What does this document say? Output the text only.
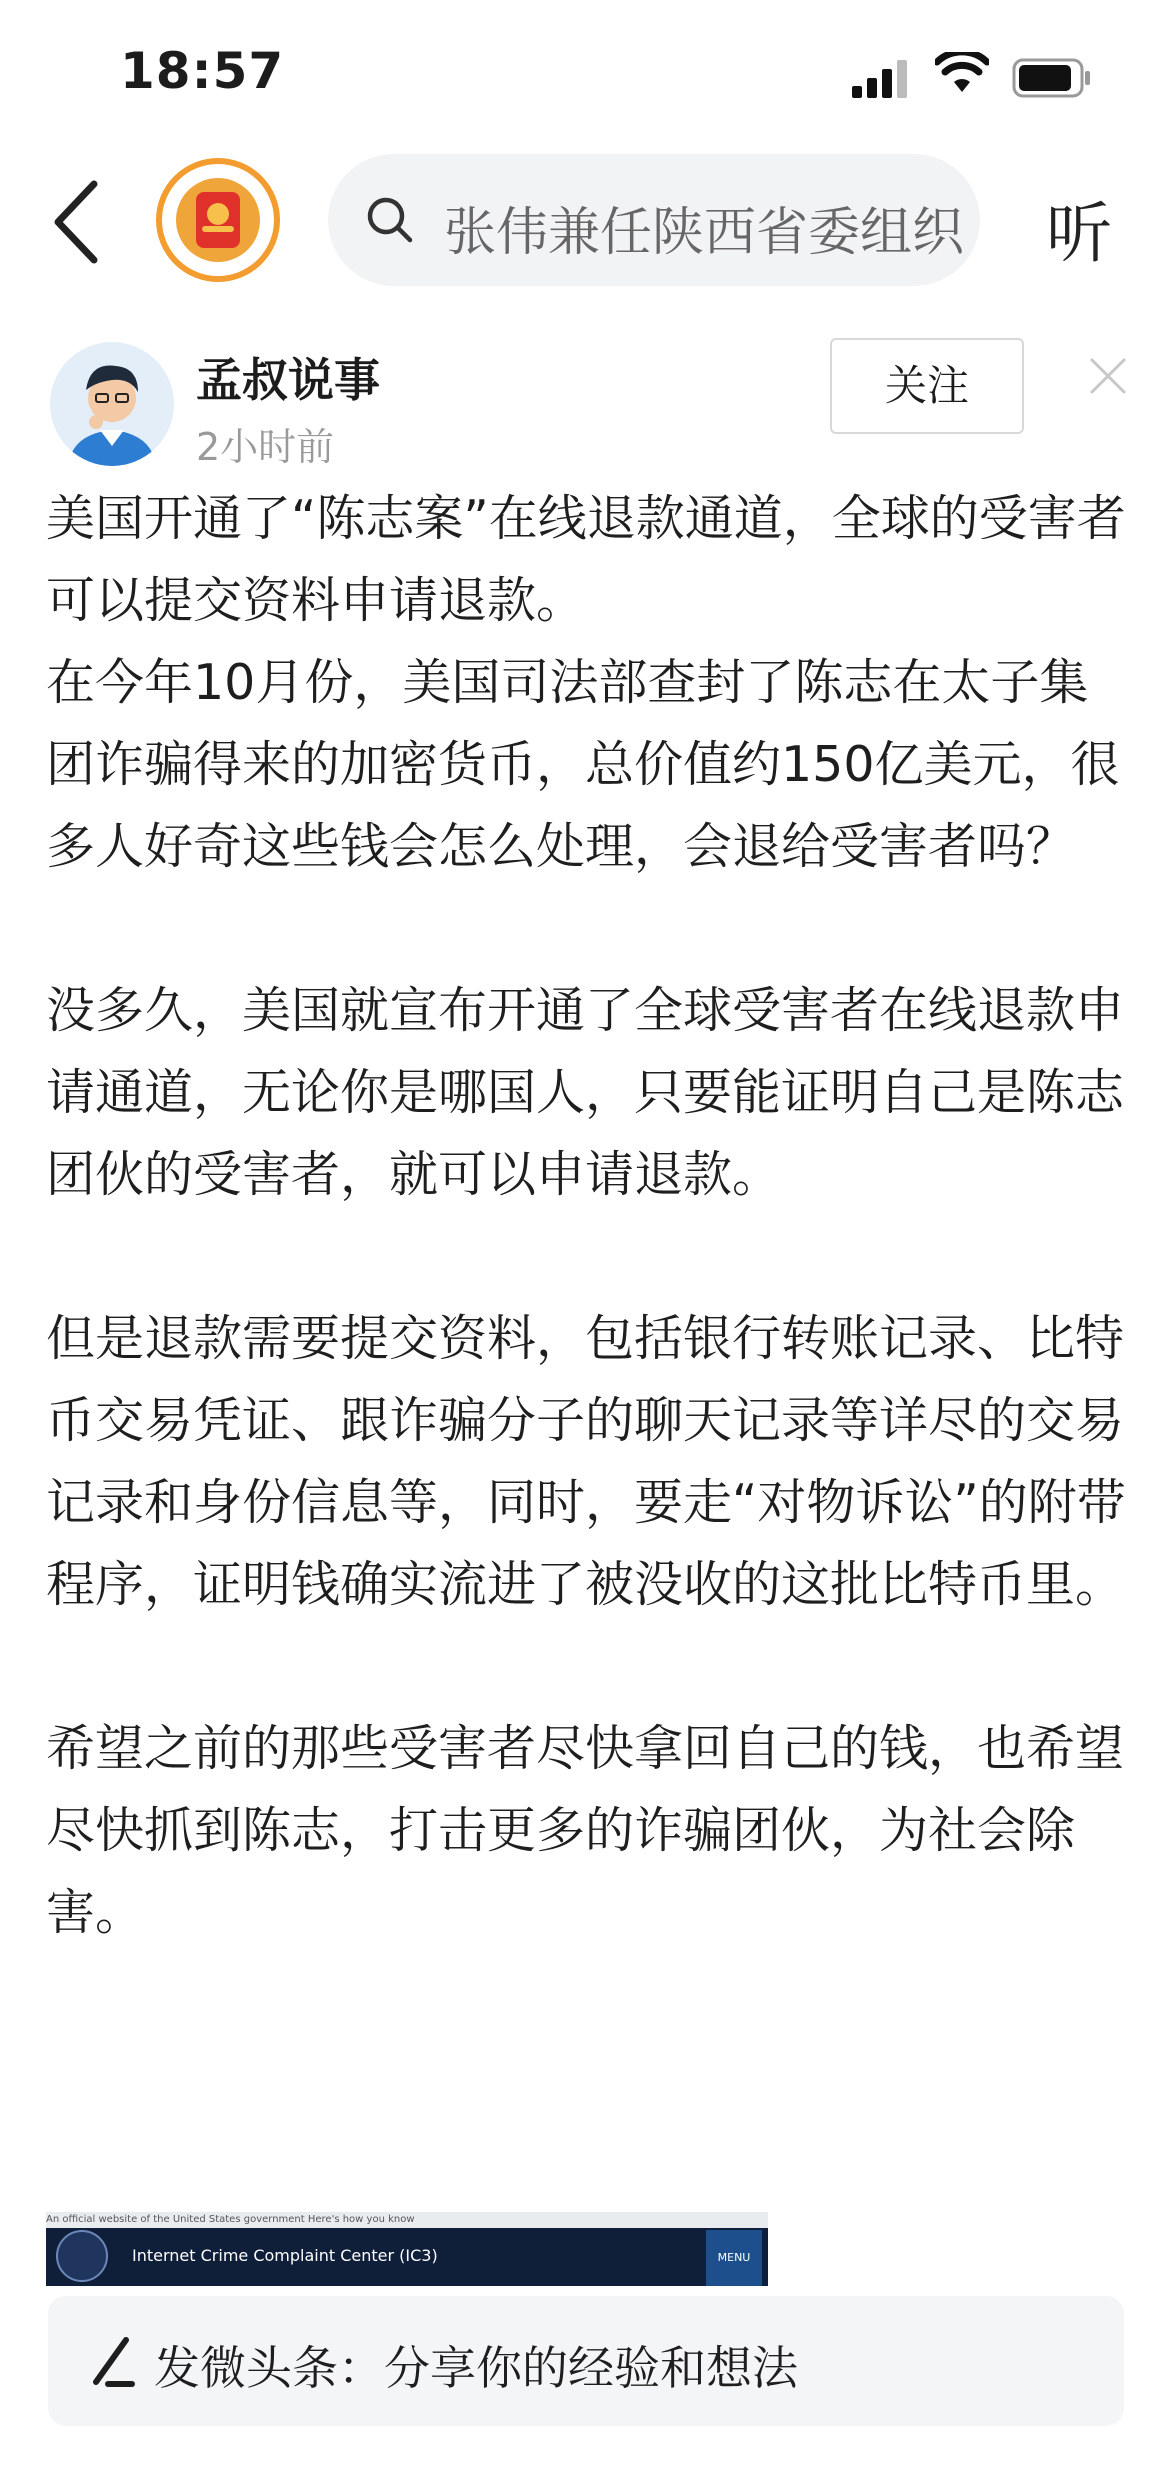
18:57
张伟兼任陕西省委组织 听
孟叔说事
2小时前
关注

美国开通了“陈志案”在线退款通道，全球的受害者可以提交资料申请退款。

在今年10月份，美国司法部查封了陈志在太子集团诈骗得来的加密货币，总价值约150亿美元，很多人好奇这些钱会怎么处理，会退给受害者吗？

没多久，美国就宣布开通了全球受害者在线退款申请通道，无论你是哪国人，只要能证明自己是陈志团伙的受害者，就可以申请退款。

但是退款需要提交资料，包括银行转账记录、比特币交易凭证、跟诈骗分子的聊天记录等详尽的交易记录和身份信息等，同时，要走“对物诉讼”的附带程序，证明钱确实流进了被没收的这批比特币里。

希望之前的那些受害者尽快拿回自己的钱，也希望尽快抓到陈志，打击更多的诈骗团伙，为社会除害。

An official website of the United States government Here's how you know
Internet Crime Complaint Center (IC3)	MENU
发微头条：分享你的经验和想法
